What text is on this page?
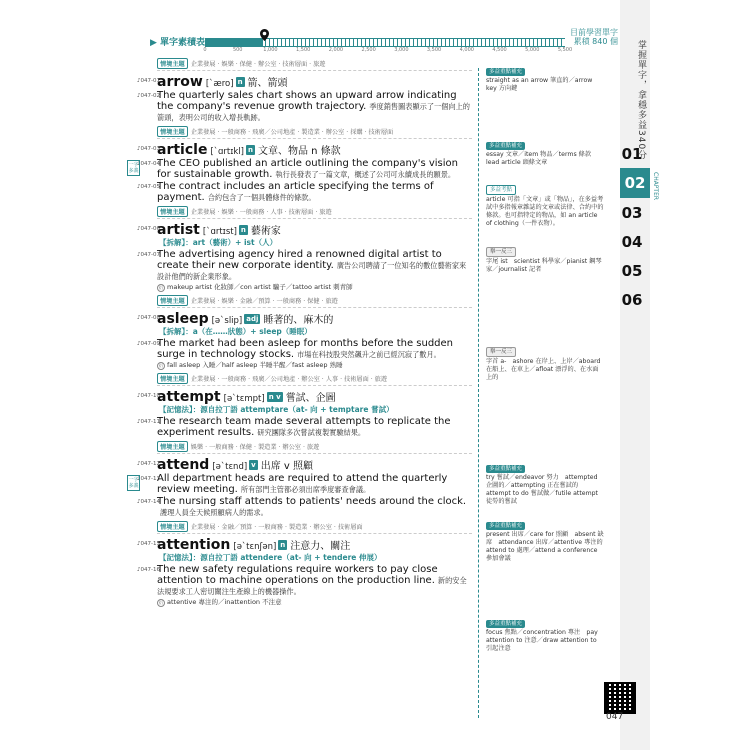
▶ 單字素積表
0	500	1,000	1,500	2,000	2,500	3,000	3,500	4,000	4,500	5,000	5,500
目前學習單字
累積 840 個	掌握單字，拿穩多益340分
01
02
03
04
05
06
CHAPTER
情境主題 企業發展 · 娛樂 · 保健 · 辦公室 · 技術層面 · 旅遊
♪047-01
arrow [ˋæro] n 箭、箭頭
♪047-02
The quarterly sales chart shows an upward arrow indicating the company's revenue growth trajectory. 季度銷售圖表顯示了一個向上的箭頭，表明公司的收入增長軌跡。
情境主題 企業發展 · 一般商務 · 飛廣／公司地產 · 製造業 · 辦公室 · 採購 · 技術層面
♪047-03
article [ˋɑrtɪkl] n 文章、物品 n 條款
♪047-04
一字多義
The CEO published an article outlining the company's vision for sustainable growth. 執行長發表了一篇文章，概述了公司可永續成長的願景。
♪047-05
The contract includes an article specifying the terms of payment. 合約包含了一個具體條件的條款。
情境主題 企業發展 · 娛樂 · 一般商務 · 人事 · 技術層面 · 旅遊
♪047-06
artist [ˋɑrtɪst] n 藝術家
【拆解】：art（藝術）+ ist（人）
♪047-07
The advertising agency hired a renowned digital artist to create their new corporate identity. 廣告公司聘請了一位知名的數位藝術家來設計他們的新企業形象。
衍 makeup artist 化妝師／con artist 騙子／tattoo artist 刺青師
情境主題 企業發展 · 娛樂 · 金融／預算 · 一般商務 · 保健 · 旅遊
♪047-08
asleep [əˋslip] adj 睡著的、麻木的
【拆解】：a（在……狀態）+ sleep（睡眠）
♪047-09
The market had been asleep for months before the sudden surge in technology stocks. 市場在科技股突然飆升之前已經沉寂了數月。
衍 fall asleep 入睡／half asleep 半睡半醒／fast asleep 熟睡
情境主題 企業發展 · 一般商務 · 飛廣／公司地產 · 辦公室 · 人事 · 技術層面 · 旅遊
♪047-10
attempt [əˋtɛmpt] n v 嘗試、企圖
【記憶法】：源自拉丁語 attemptare（at- 向 + temptare 嘗試）
♪047-11
The research team made several attempts to replicate the experiment results. 研究團隊多次嘗試複製實驗結果。
情境主題 娛樂 · 一般商務 · 保健 · 製造業 · 辦公室 · 旅遊
♪047-12
attend [əˋtɛnd] v 出席 v 照顧
♪047-13
一字多義
All department heads are required to attend the quarterly review meeting. 所有部門主管都必須出席季度審查會議。
♪047-14
The nursing staff attends to patients' needs around the clock.護理人員全天候照顧病人的需求。
情境主題 企業發展 · 金融／預算 · 一般商務 · 製造業 · 辦公室 · 技術層面
♪047-15
attention [əˋtɛnʃən] n 注意力、關注
【記憶法】：源自拉丁語 attendere（at- 向 + tendere 伸展）
♪047-16
The new safety regulations require workers to pay close attention to machine operations on the production line. 新的安全法規要求工人密切關注生產線上的機器操作。
衍 attentive 專注的／inattention 不注意
多益重點補充
straight as an arrow 筆直的／arrow key 方向鍵
多益重點補充
essay 文章／item 物品／terms 條款　lead article 頭條文章
多益考點
article 可指「文章」或「物品」，在多益考試中多指報章雜誌的文章或法律、合約中的條款。也可指特定的物品，如 an article of clothing（一件衣物）。
舉一反三
字尾 ist　scientist 科學家／pianist 鋼琴家／journalist 記者
舉一反三
字首 a-　ashore 在岸上、上岸／aboard 在船上、在車上／afloat 漂浮的、在水面上的
多益重點補充
try 嘗試／endeavor 努力　attempted 企圖的／attempting 正在嘗試的　attempt to do 嘗試做／futile attempt 徒勞的嘗試
多益重點補充
present 出席／care for 照顧　absent 缺席　attendance 出席／attentive 專注的　attend to 處理／attend a conference 參加會議
多益重點補充
focus 焦點／concentration 專注　pay attention to 注意／draw attention to 引起注意
047
